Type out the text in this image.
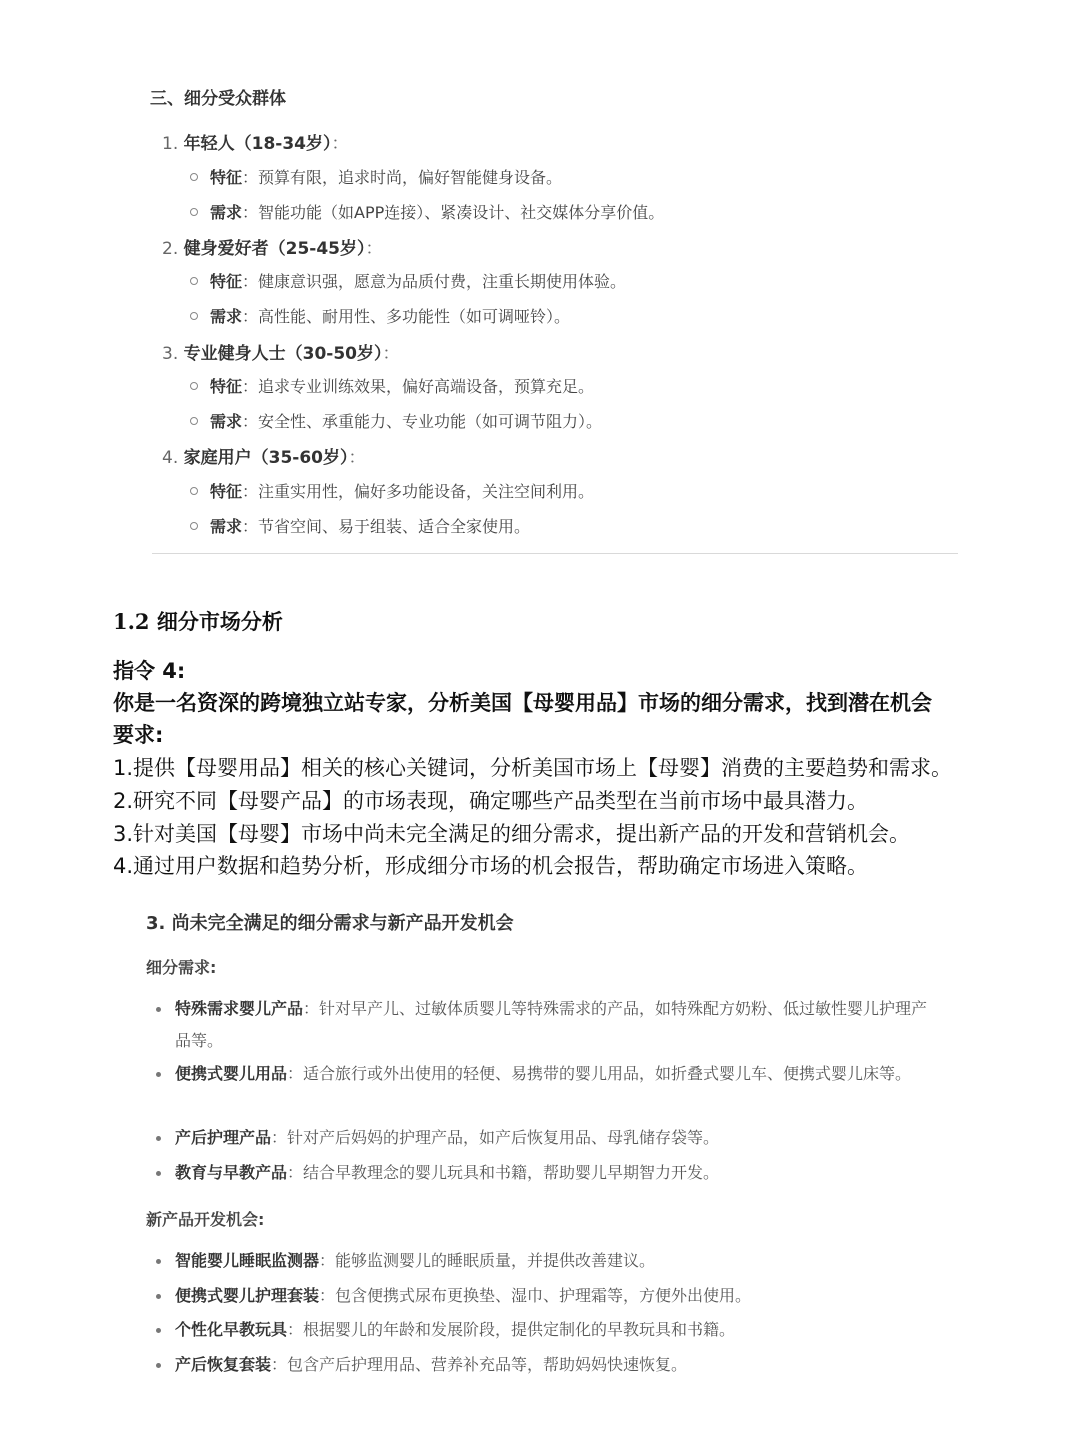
三、细分受众群体
1. 年轻人（18-34岁）：
特征：预算有限，追求时尚，偏好智能健身设备。
需求：智能功能（如APP连接）、紧凑设计、社交媒体分享价值。
2. 健身爱好者（25-45岁）：
特征：健康意识强，愿意为品质付费，注重长期使用体验。
需求：高性能、耐用性、多功能性（如可调哑铃）。
3. 专业健身人士（30-50岁）：
特征：追求专业训练效果，偏好高端设备，预算充足。
需求：安全性、承重能力、专业功能（如可调节阻力）。
4. 家庭用户（35-60岁）：
特征：注重实用性，偏好多功能设备，关注空间利用。
需求：节省空间、易于组装、适合全家使用。
1.2 细分市场分析
指令 4:
你是一名资深的跨境独立站专家，分析美国【母婴用品】市场的细分需求，找到潜在机会
要求:
1.提供【母婴用品】相关的核心关键词，分析美国市场上【母婴】消费的主要趋势和需求。
2.研究不同【母婴产品】的市场表现，确定哪些产品类型在当前市场中最具潜力。
3.针对美国【母婴】市场中尚未完全满足的细分需求，提出新产品的开发和营销机会。
4.通过用户数据和趋势分析，形成细分市场的机会报告，帮助确定市场进入策略。
3. 尚未完全满足的细分需求与新产品开发机会
细分需求:
特殊需求婴儿产品：针对早产儿、过敏体质婴儿等特殊需求的产品，如特殊配方奶粉、低过敏性婴儿护理产品等。
便携式婴儿用品：适合旅行或外出使用的轻便、易携带的婴儿用品，如折叠式婴儿车、便携式婴儿床等。
产后护理产品：针对产后妈妈的护理产品，如产后恢复用品、母乳储存袋等。
教育与早教产品：结合早教理念的婴儿玩具和书籍，帮助婴儿早期智力开发。
新产品开发机会:
智能婴儿睡眠监测器：能够监测婴儿的睡眠质量，并提供改善建议。
便携式婴儿护理套装：包含便携式尿布更换垫、湿巾、护理霜等，方便外出使用。
个性化早教玩具：根据婴儿的年龄和发展阶段，提供定制化的早教玩具和书籍。
产后恢复套装：包含产后护理用品、营养补充品等，帮助妈妈快速恢复。
